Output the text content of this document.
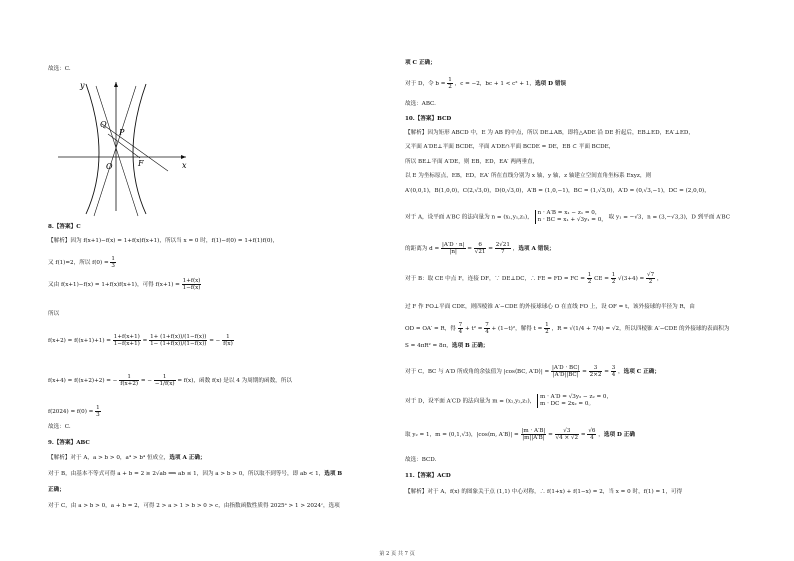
故选：C.
y
x
O
Q
P
F
8.【答案】C
【解析】因为 f(x+1)−f(x) = 1+f(x)f(x+1)，所以当 x = 0 时，f(1)−f(0) = 1+f(1)f(0)，
又 f(1)=2，所以 $f(0) = \frac{1}{3}$
又由 f(x+1)−f(x) = 1+f(x)f(x+1)，可得 $f(x+1) = \frac{1+f(x)}{1-f(x)}$
所以
$f(x+2) = f((x+1)+1) = \frac{1+f(x+1)}{1-f(x+1)} = \frac{1+ (1+f(x))/(1-f(x))}{1- (1+f(x))/(1-f(x))}$ = − $\frac{1}{f(x)}$
f(x+4) = f((x+2)+2) = − $\frac{1}{f(x+2)}$ = − $\frac{1}{-1/f(x)} = f(x)$，函数 f(x) 是以 4 为周期的函数，所以
$f(2024) = f(0) = \frac{1}{3}$
故选：C.
9.【答案】ABC
【解析】对于 A，a > b > 0，a⁴ > b⁴ 恒成立，选项 A 正确；
对于 B，由基本不等式可得 a + b = 2 ≥ 2√ab ⟹ ab ≤ 1，因为 a > b > 0，所以取不到等号，即 ab < 1，选项 B
正确；
对于 C，由 a > b > 0，a + b = 2，可得 2 > a > 1 > b > 0 > c，由指数函数性质得 2025ᵃ > 1 > 2024ᶜ，选项
项 C 正确；
对于 D，令 $b = \frac{1}{2}$ ，c = −2，bc + 1 < c² + 1，选项 D 错误
故选：ABC.
10.【答案】BCD
【解析】因为矩形 ABCD 中，E 为 AB 的中点，所以 DE⊥AB，即将△ADE 沿 DE 折起后，EB⊥ED，EA′⊥ED，
又平面 A′DE⊥平面 BCDE，平面 A′DE∩平面 BCDE = DE，EB ⊂ 平面 BCDE，
所以 BE⊥平面 A′DE，则 EB，ED，EA′ 两两垂直，
以 E 为坐标原点，EB，ED，EA′ 所在直线分别为 x 轴，y 轴，z 轴建立空间直角坐标系 Exyz，则
A′(0,0,1)，B(1,0,0)，C(2,√3,0)，D(0,√3,0)，A′B = (1,0,−1)，BC = (1,√3,0)，A′D = (0,√3,−1)，DC = (2,0,0)，
对于 A，设平面 A′BC 的法向量为 n = (x₁,y₁,z₁)，
n · A′B = x₁ − z₁ = 0，
n · BC = x₁ + √3y₁ = 0， 取 y₁ = −√3，n = (3,−√3,3)，D 到平面 A′BC
的距离为 $d = \frac{|A'D \cdot n|}{|n|} = \frac{6}{√21} = \frac{2√21}{7}$ ，选项 A 错误；
对于 B：取 CE 中点 F，连接 DF，∵ DE⊥DC，∴ FE = FD = FC = $\frac{1}{2}$ CE = $\frac{1}{2} √(3+4) = \frac{√7}{2}$ ，
过 F 作 FO⊥平面 CDE，则四棱锥 A′−CDE 的外接球球心 O 在直线 FO 上，设 OF = t，该外接球的半径为 R，由
OD = OA′ = R，得 $\frac{7}{4} + t^2 = \frac{7}{4} + (1-t)^2$，解得 $t = \frac{1}{2}$ ，R = √(1/4 + 7/4) = √2，所以四棱锥 A′−CDE 的外接球的表面积为
S = 4πR² = 8π，选项 B 正确；
对于 C，BC 与 A′D 所成角的余弦值为 |cos⟨BC, A′D⟩| = $\frac{|A'D \cdot BC|}{|A'D||BC|} = \frac{3}{2\times 2} = \frac{3}{4}$ ，选项 C 正确；
对于 D，设平面 A′CD 的法向量为 m = (x₂,y₂,z₂)，
m · A′D = √3y₂ − z₂ = 0，
m · DC = 2x₂ = 0。
取 y₂ = 1，m = (0,1,√3)，|cos⟨m, A′B⟩| = $\frac{|m \cdot A'B|}{|m||A'B|} = \frac{√3}{√4 \times √2} = \frac{√6}{4}$ ，选项 D 正确
故选：BCD.
11.【答案】ACD
【解析】对于 A，f(x) 的图象关于点 (1,1) 中心对称，∴ f(1+x) + f(1−x) = 2，当 x = 0 时，f(1) = 1，可得
第 2 页 共 7 页
